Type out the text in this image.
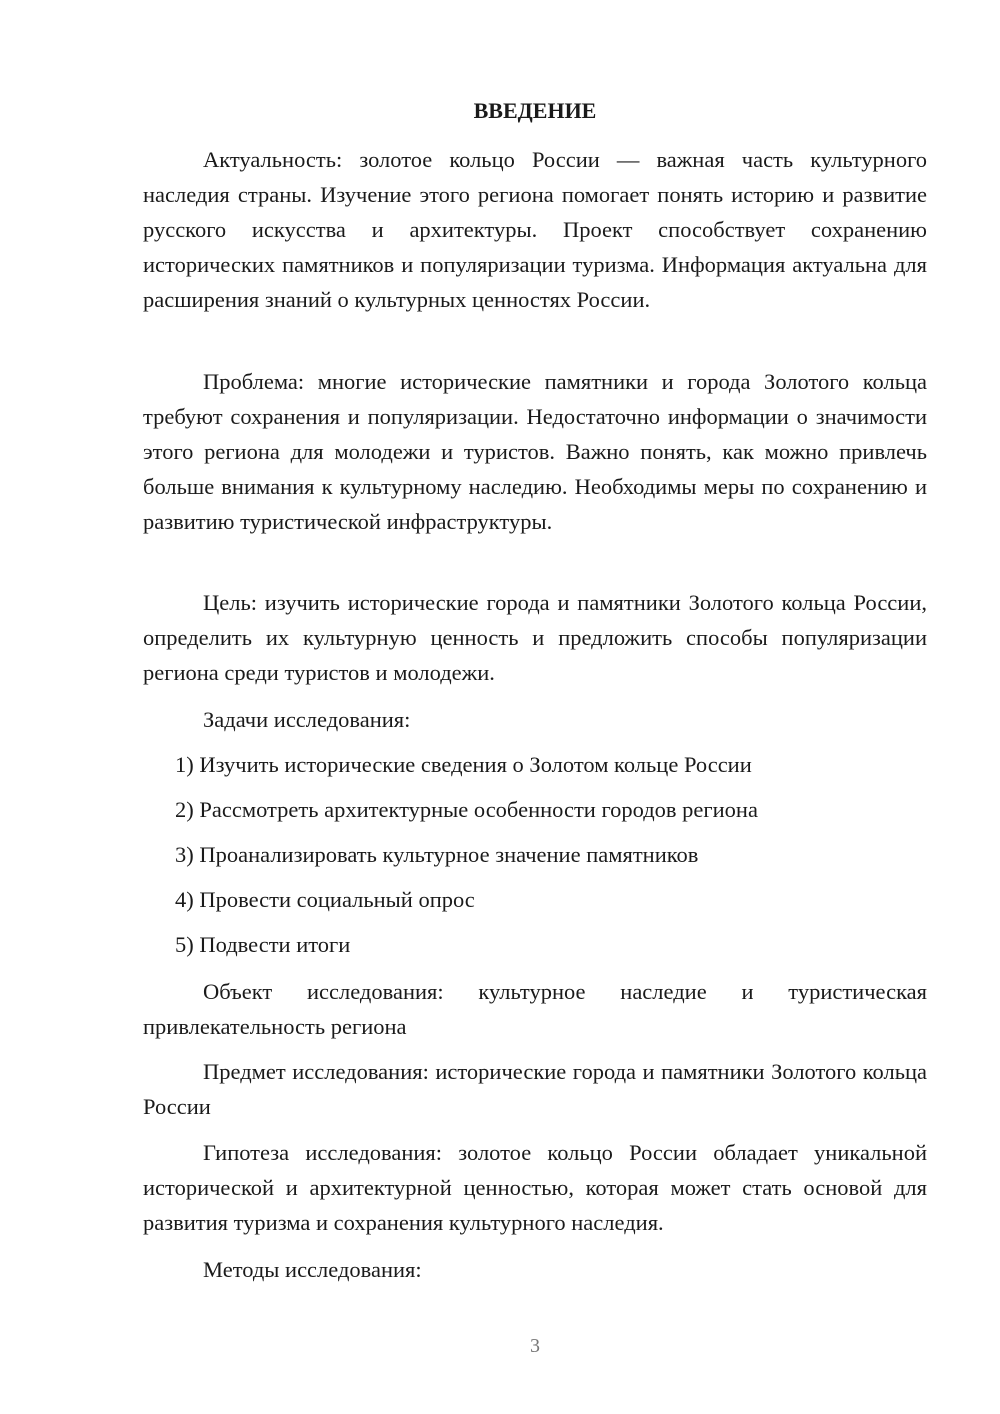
ВВЕДЕНИЕ

Актуальность: золотое кольцо России — важная часть культурного наследия страны. Изучение этого региона помогает понять историю и развитие русского искусства и архитектуры. Проект способствует сохранению исторических памятников и популяризации туризма. Информация актуальна для расширения знаний о культурных ценностях России.

Проблема: многие исторические памятники и города Золотого кольца требуют сохранения и популяризации. Недостаточно информации о значимости этого региона для молодежи и туристов. Важно понять, как можно привлечь больше внимания к культурному наследию. Необходимы меры по сохранению и развитию туристической инфраструктуры.

Цель: изучить исторические города и памятники Золотого кольца России, определить их культурную ценность и предложить способы популяризации региона среди туристов и молодежи.

Задачи исследования:

1) Изучить исторические сведения о Золотом кольце России

2) Рассмотреть архитектурные особенности городов региона

3) Проанализировать культурное значение памятников

4) Провести социальный опрос

5) Подвести итоги

Объект исследования: культурное наследие и туристическая привлекательность региона

Предмет исследования: исторические города и памятники Золотого кольца России

Гипотеза исследования: золотое кольцо России обладает уникальной исторической и архитектурной ценностью, которая может стать основой для развития туризма и сохранения культурного наследия.

Методы исследования:

3
